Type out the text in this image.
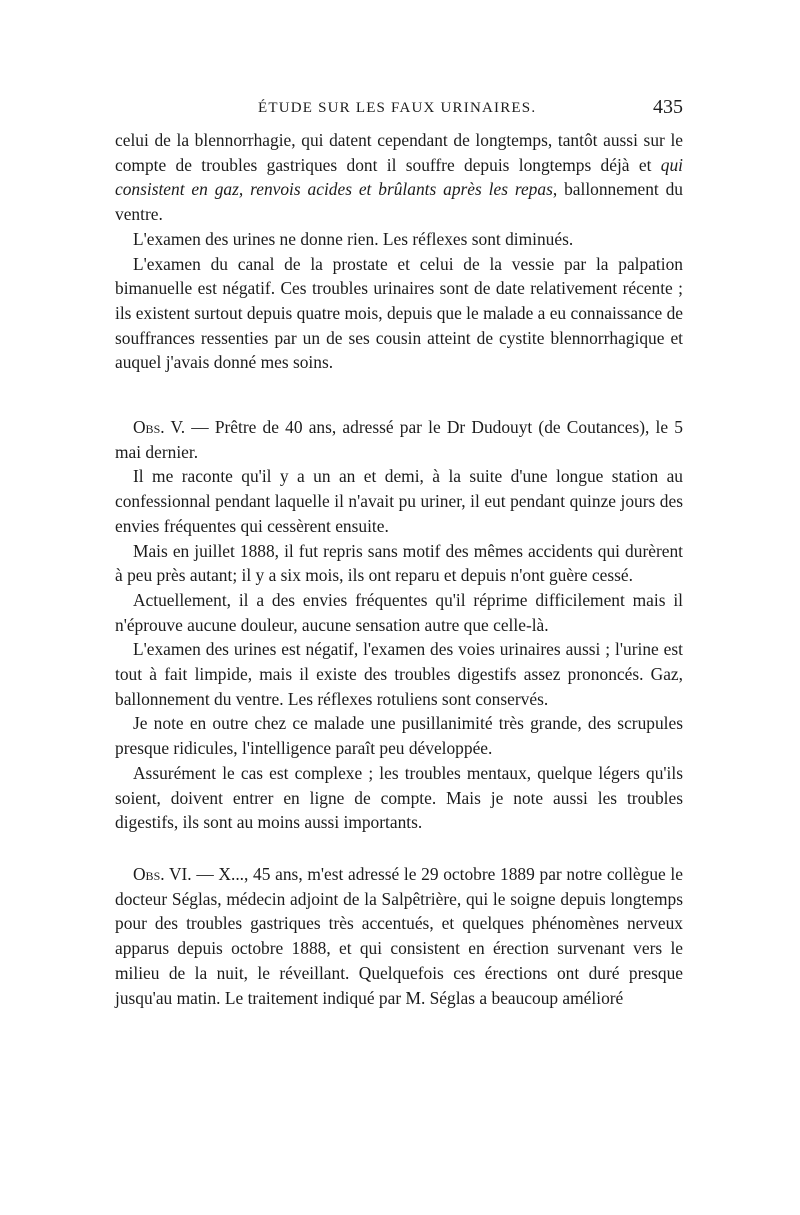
ÉTUDE SUR LES FAUX URINAIRES.	435

celui de la blennorrhagie, qui datent cependant de longtemps, tantôt aussi sur le compte de troubles gastriques dont il souffre depuis longtemps déjà et qui consistent en gaz, renvois acides et brûlants après les repas, ballonnement du ventre.

L'examen des urines ne donne rien. Les réflexes sont diminués.

L'examen du canal de la prostate et celui de la vessie par la palpation bimanuelle est négatif. Ces troubles urinaires sont de date relativement récente ; ils existent surtout depuis quatre mois, depuis que le malade a eu connaissance de souffrances ressenties par un de ses cousin atteint de cystite blennorrhagique et auquel j'avais donné mes soins.

Obs. V. — Prêtre de 40 ans, adressé par le Dr Dudouyt (de Coutances), le 5 mai dernier.

Il me raconte qu'il y a un an et demi, à la suite d'une longue station au confessionnal pendant laquelle il n'avait pu uriner, il eut pendant quinze jours des envies fréquentes qui cessèrent ensuite.

Mais en juillet 1888, il fut repris sans motif des mêmes accidents qui durèrent à peu près autant; il y a six mois, ils ont reparu et depuis n'ont guère cessé.

Actuellement, il a des envies fréquentes qu'il réprime difficilement mais il n'éprouve aucune douleur, aucune sensation autre que celle-là.

L'examen des urines est négatif, l'examen des voies urinaires aussi ; l'urine est tout à fait limpide, mais il existe des troubles digestifs assez prononcés. Gaz, ballonnement du ventre. Les réflexes rotuliens sont conservés.

Je note en outre chez ce malade une pusillanimité très grande, des scrupules presque ridicules, l'intelligence paraît peu développée.

Assurément le cas est complexe ; les troubles mentaux, quelque légers qu'ils soient, doivent entrer en ligne de compte. Mais je note aussi les troubles digestifs, ils sont au moins aussi importants.

Obs. VI. — X..., 45 ans, m'est adressé le 29 octobre 1889 par notre collègue le docteur Séglas, médecin adjoint de la Salpêtrière, qui le soigne depuis longtemps pour des troubles gastriques très accentués, et quelques phénomènes nerveux apparus depuis octobre 1888, et qui consistent en érection survenant vers le milieu de la nuit, le réveillant. Quelquefois ces érections ont duré presque jusqu'au matin. Le traitement indiqué par M. Séglas a beaucoup amélioré
